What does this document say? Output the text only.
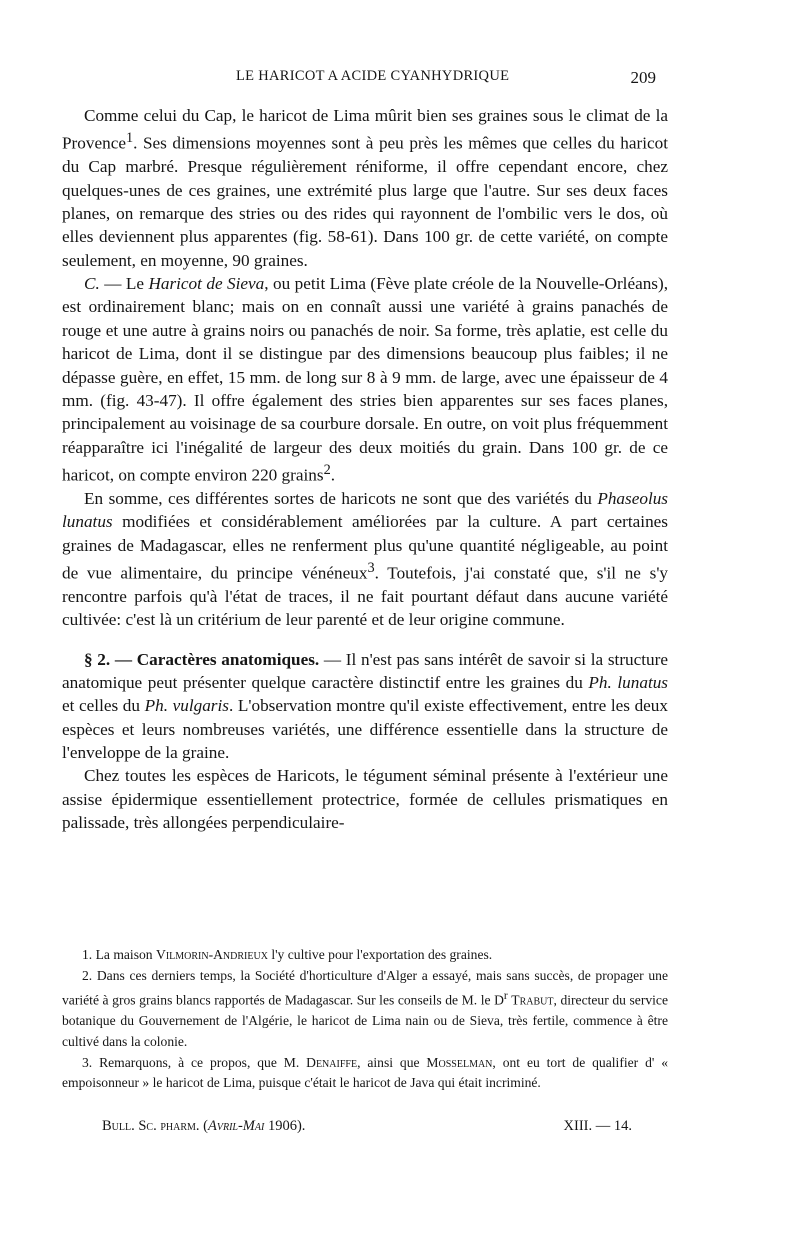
LE HARICOT A ACIDE CYANHYDRIQUE	209

Comme celui du Cap, le haricot de Lima mûrit bien ses graines sous le climat de la Provence$^1$. Ses dimensions moyennes sont à peu près les mêmes que celles du haricot du Cap marbré. Presque régulièrement réniforme, il offre cependant encore, chez quelques-unes de ces graines, une extrémité plus large que l'autre. Sur ses deux faces planes, on remarque des stries ou des rides qui rayonnent de l'ombilic vers le dos, où elles deviennent plus apparentes (fig. 58-61). Dans 100 gr. de cette variété, on compte seulement, en moyenne, 90 graines.

C. — Le Haricot de Sieva, ou petit Lima (Fève plate créole de la Nouvelle-Orléans), est ordinairement blanc; mais on en connaît aussi une variété à grains panachés de rouge et une autre à grains noirs ou panachés de noir. Sa forme, très aplatie, est celle du haricot de Lima, dont il se distingue par des dimensions beaucoup plus faibles; il ne dépasse guère, en effet, 15 mm. de long sur 8 à 9 mm. de large, avec une épaisseur de 4 mm. (fig. 43-47). Il offre également des stries bien apparentes sur ses faces planes, principalement au voisinage de sa courbure dorsale. En outre, on voit plus fréquemment réapparaître ici l'inégalité de largeur des deux moitiés du grain. Dans 100 gr. de ce haricot, on compte environ 220 grains$^2$.

En somme, ces différentes sortes de haricots ne sont que des variétés du Phaseolus lunatus modifiées et considérablement améliorées par la culture. A part certaines graines de Madagascar, elles ne renferment plus qu'une quantité négligeable, au point de vue alimentaire, du principe vénéneux$^3$. Toutefois, j'ai constaté que, s'il ne s'y rencontre parfois qu'à l'état de traces, il ne fait pourtant défaut dans aucune variété cultivée: c'est là un critérium de leur parenté et de leur origine commune.

§ 2. — Caractères anatomiques. — Il n'est pas sans intérêt de savoir si la structure anatomique peut présenter quelque caractère distinctif entre les graines du Ph. lunatus et celles du Ph. vulgaris. L'observation montre qu'il existe effectivement, entre les deux espèces et leurs nombreuses variétés, une différence essentielle dans la structure de l'enveloppe de la graine.

Chez toutes les espèces de Haricots, le tégument séminal présente à l'extérieur une assise épidermique essentiellement protectrice, formée de cellules prismatiques en palissade, très allongées perpendiculaire-

1. La maison Vilmorin-Andrieux l'y cultive pour l'exportation des graines.

2. Dans ces derniers temps, la Société d'horticulture d'Alger a essayé, mais sans succès, de propager une variété à gros grains blancs rapportés de Madagascar. Sur les conseils de M. le $D^r$ Trabut, directeur du service botanique du Gouvernement de l'Algérie, le haricot de Lima nain ou de Sieva, très fertile, commence à être cultivé dans la colonie.

3. Remarquons, à ce propos, que M. Denaiffe, ainsi que Mosselman, ont eu tort de qualifier d' « empoisonneur » le haricot de Lima, puisque c'était le haricot de Java qui était incriminé.

Bull. Sc. pharm. (Avril-Mai 1906).	XIII. — 14.
